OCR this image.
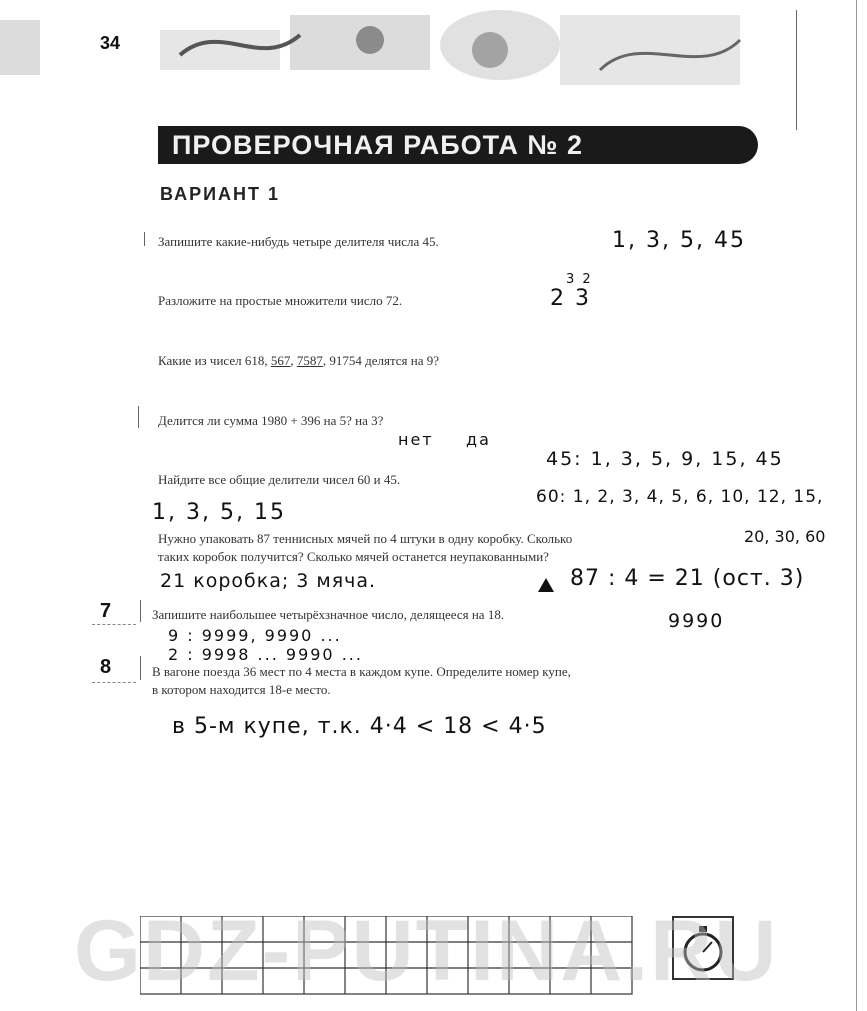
34
ПРОВЕРОЧНАЯ РАБОТА № 2
ВАРИАНТ 1
Запишите какие-нибудь четыре делителя числа 45.	1, 3, 5, 45
Разложите на простые множители число 72.
3 2
2 3
Какие из чисел 618, 567, 7587, 91754 делятся на 9?
Делится ли сумма 1980 + 396 на 5? на 3?
нет да
Найдите все общие делители чисел 60 и 45.
45: 1, 3, 5, 9, 15, 45
60: 1, 2, 3, 4, 5, 6, 10, 12, 15,
20, 30, 60
1, 3, 5, 15
Нужно упаковать 87 теннисных мячей по 4 штуки в одну коробку. Сколько
таких коробок получится? Сколько мячей останется неупакованными?
21 коробка; 3 мяча.	87 : 4 = 21 (ост. 3)
7	Запишите наибольшее четырёхзначное число, делящееся на 18.	9990
9 : 9999, 9990 ...
2 : 9998 ... 9990 ...
8	В вагоне поезда 36 мест по 4 места в каждом купе. Определите номер купе,
в котором находится 18-е место.
в 5-м купе, т.к. 4·4 < 18 < 4·5
GDZ-PUTINA.RU
